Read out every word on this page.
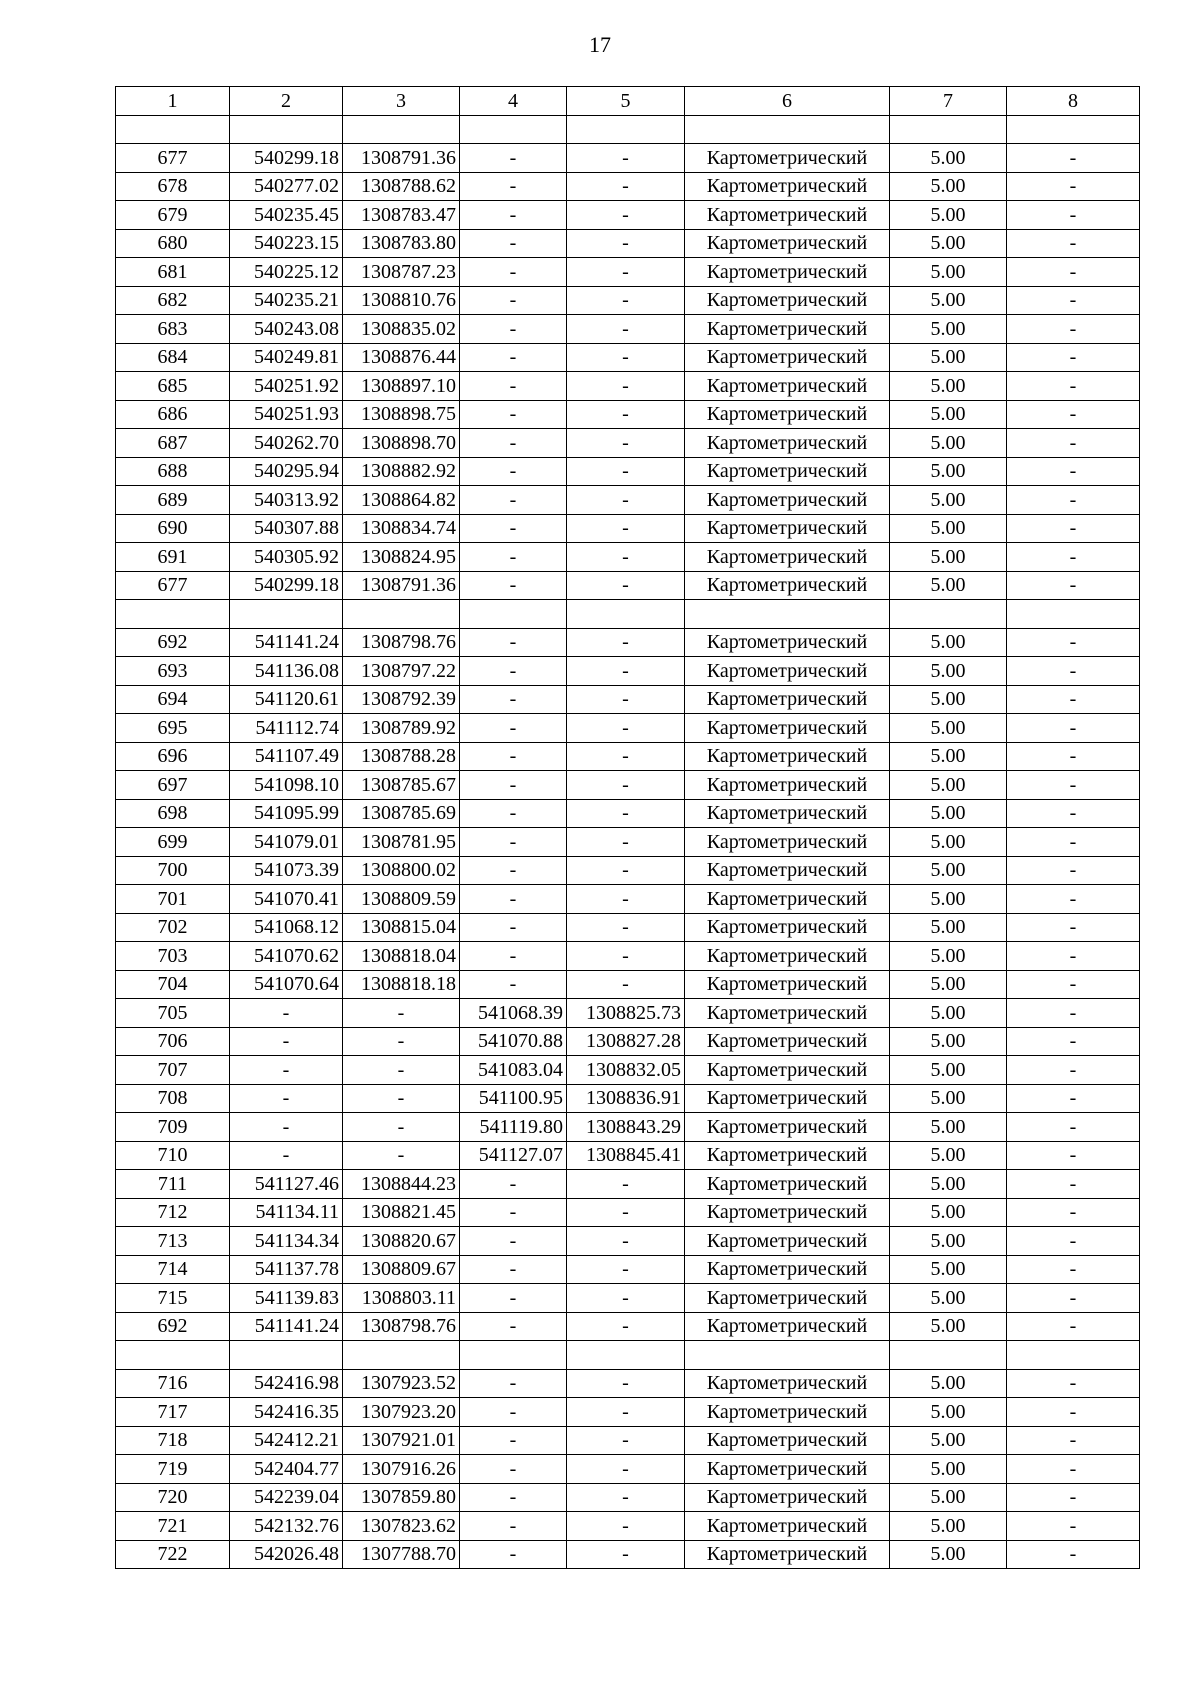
17
1	2	3	4	5	6	7	8

677	540299.18	1308791.36	-	-	Картометрический	5.00	-
678	540277.02	1308788.62	-	-	Картометрический	5.00	-
679	540235.45	1308783.47	-	-	Картометрический	5.00	-
680	540223.15	1308783.80	-	-	Картометрический	5.00	-
681	540225.12	1308787.23	-	-	Картометрический	5.00	-
682	540235.21	1308810.76	-	-	Картометрический	5.00	-
683	540243.08	1308835.02	-	-	Картометрический	5.00	-
684	540249.81	1308876.44	-	-	Картометрический	5.00	-
685	540251.92	1308897.10	-	-	Картометрический	5.00	-
686	540251.93	1308898.75	-	-	Картометрический	5.00	-
687	540262.70	1308898.70	-	-	Картометрический	5.00	-
688	540295.94	1308882.92	-	-	Картометрический	5.00	-
689	540313.92	1308864.82	-	-	Картометрический	5.00	-
690	540307.88	1308834.74	-	-	Картометрический	5.00	-
691	540305.92	1308824.95	-	-	Картометрический	5.00	-
677	540299.18	1308791.36	-	-	Картометрический	5.00	-

692	541141.24	1308798.76	-	-	Картометрический	5.00	-
693	541136.08	1308797.22	-	-	Картометрический	5.00	-
694	541120.61	1308792.39	-	-	Картометрический	5.00	-
695	541112.74	1308789.92	-	-	Картометрический	5.00	-
696	541107.49	1308788.28	-	-	Картометрический	5.00	-
697	541098.10	1308785.67	-	-	Картометрический	5.00	-
698	541095.99	1308785.69	-	-	Картометрический	5.00	-
699	541079.01	1308781.95	-	-	Картометрический	5.00	-
700	541073.39	1308800.02	-	-	Картометрический	5.00	-
701	541070.41	1308809.59	-	-	Картометрический	5.00	-
702	541068.12	1308815.04	-	-	Картометрический	5.00	-
703	541070.62	1308818.04	-	-	Картометрический	5.00	-
704	541070.64	1308818.18	-	-	Картометрический	5.00	-
705	-	-	541068.39	1308825.73	Картометрический	5.00	-
706	-	-	541070.88	1308827.28	Картометрический	5.00	-
707	-	-	541083.04	1308832.05	Картометрический	5.00	-
708	-	-	541100.95	1308836.91	Картометрический	5.00	-
709	-	-	541119.80	1308843.29	Картометрический	5.00	-
710	-	-	541127.07	1308845.41	Картометрический	5.00	-
711	541127.46	1308844.23	-	-	Картометрический	5.00	-
712	541134.11	1308821.45	-	-	Картометрический	5.00	-
713	541134.34	1308820.67	-	-	Картометрический	5.00	-
714	541137.78	1308809.67	-	-	Картометрический	5.00	-
715	541139.83	1308803.11	-	-	Картометрический	5.00	-
692	541141.24	1308798.76	-	-	Картометрический	5.00	-

716	542416.98	1307923.52	-	-	Картометрический	5.00	-
717	542416.35	1307923.20	-	-	Картометрический	5.00	-
718	542412.21	1307921.01	-	-	Картометрический	5.00	-
719	542404.77	1307916.26	-	-	Картометрический	5.00	-
720	542239.04	1307859.80	-	-	Картометрический	5.00	-
721	542132.76	1307823.62	-	-	Картометрический	5.00	-
722	542026.48	1307788.70	-	-	Картометрический	5.00	-
